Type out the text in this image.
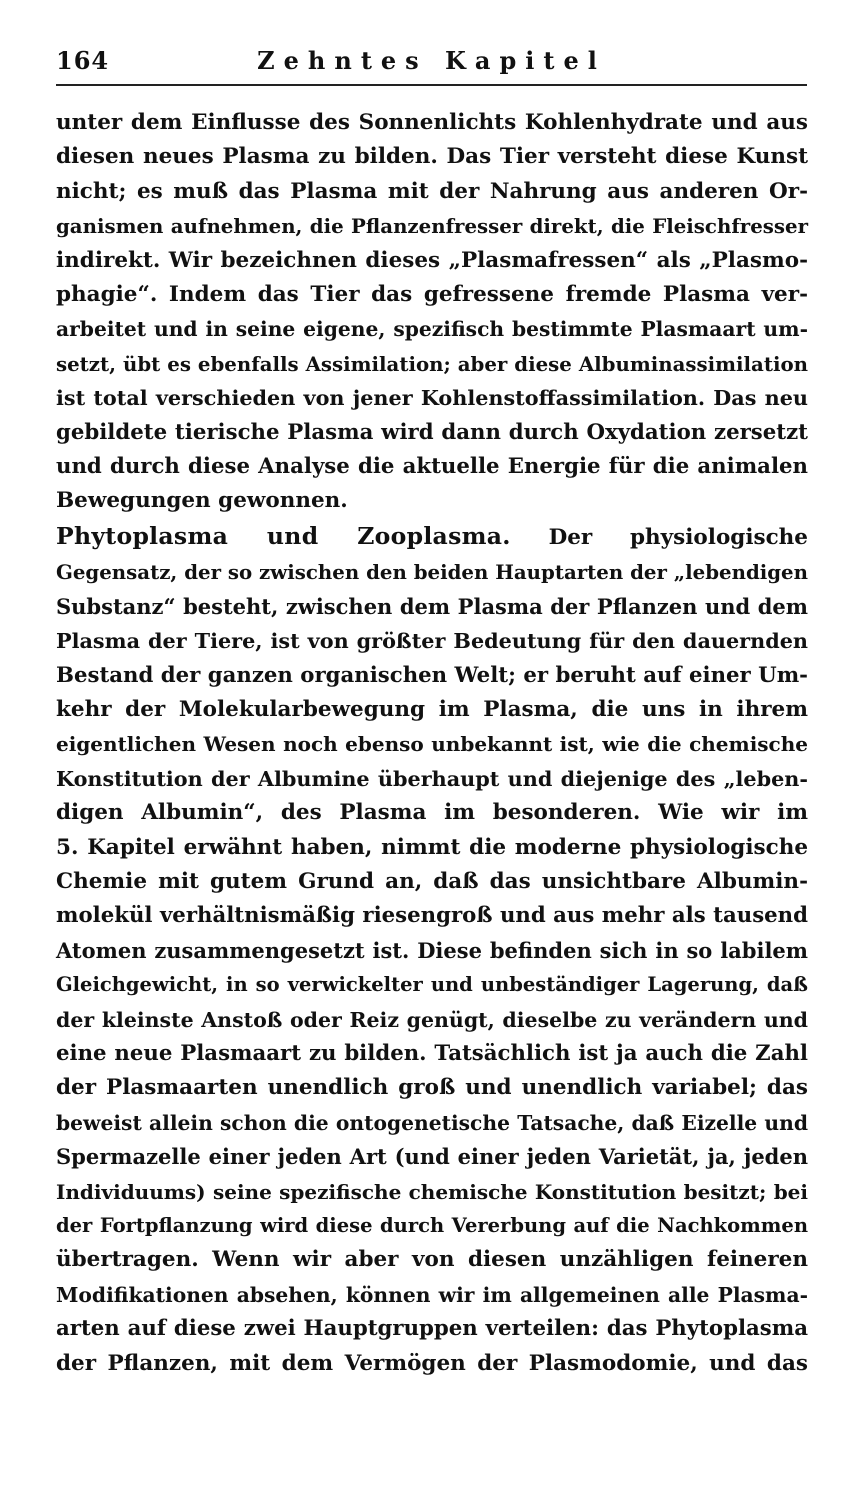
164	Zehntes Kapitel
unter dem Einflusse des Sonnenlichts Kohlenhydrate und aus
diesen neues Plasma zu bilden. Das Tier versteht diese Kunst
nicht; es muß das Plasma mit der Nahrung aus anderen Or-
ganismen aufnehmen, die Pflanzenfresser direkt, die Fleischfresser
indirekt. Wir bezeichnen dieses „Plasmafressen“ als „Plasmo-
phagie“. Indem das Tier das gefressene fremde Plasma ver-
arbeitet und in seine eigene, spezifisch bestimmte Plasmaart um-
setzt, übt es ebenfalls Assimilation; aber diese Albuminassimilation
ist total verschieden von jener Kohlenstoffassimilation. Das neu
gebildete tierische Plasma wird dann durch Oxydation zersetzt
und durch diese Analyse die aktuelle Energie für die animalen
Bewegungen gewonnen.
Phytoplasma und Zooplasma. Der physiologische
Gegensatz, der so zwischen den beiden Hauptarten der „lebendigen
Substanz“ besteht, zwischen dem Plasma der Pflanzen und dem
Plasma der Tiere, ist von größter Bedeutung für den dauernden
Bestand der ganzen organischen Welt; er beruht auf einer Um-
kehr der Molekularbewegung im Plasma, die uns in ihrem
eigentlichen Wesen noch ebenso unbekannt ist, wie die chemische
Konstitution der Albumine überhaupt und diejenige des „leben-
digen Albumin“, des Plasma im besonderen. Wie wir im
5. Kapitel erwähnt haben, nimmt die moderne physiologische
Chemie mit gutem Grund an, daß das unsichtbare Albumin-
molekül verhältnismäßig riesengroß und aus mehr als tausend
Atomen zusammengesetzt ist. Diese befinden sich in so labilem
Gleichgewicht, in so verwickelter und unbeständiger Lagerung, daß
der kleinste Anstoß oder Reiz genügt, dieselbe zu verändern und
eine neue Plasmaart zu bilden. Tatsächlich ist ja auch die Zahl
der Plasmaarten unendlich groß und unendlich variabel; das
beweist allein schon die ontogenetische Tatsache, daß Eizelle und
Spermazelle einer jeden Art (und einer jeden Varietät, ja, jeden
Individuums) seine spezifische chemische Konstitution besitzt; bei
der Fortpflanzung wird diese durch Vererbung auf die Nachkommen
übertragen. Wenn wir aber von diesen unzähligen feineren
Modifikationen absehen, können wir im allgemeinen alle Plasma-
arten auf diese zwei Hauptgruppen verteilen: das Phytoplasma
der Pflanzen, mit dem Vermögen der Plasmodomie, und das
